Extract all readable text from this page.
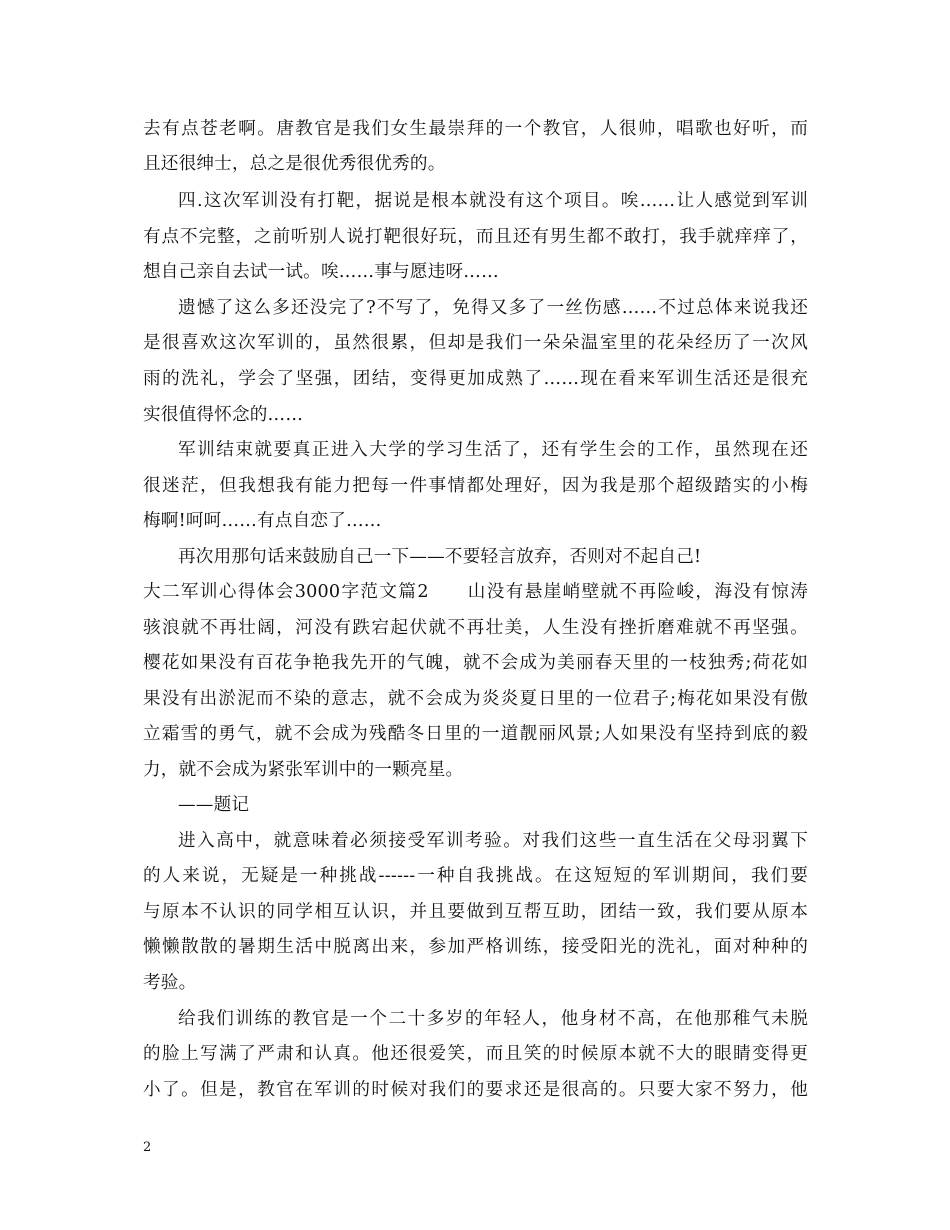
去有点苍老啊。唐教官是我们女生最崇拜的一个教官，人很帅，唱歌也好听，而
且还很绅士，总之是很优秀很优秀的。
四.这次军训没有打靶，据说是根本就没有这个项目。唉……让人感觉到军训
有点不完整，之前听别人说打靶很好玩，而且还有男生都不敢打，我手就痒痒了，
想自己亲自去试一试。唉……事与愿违呀……
遗憾了这么多还没完了?不写了，免得又多了一丝伤感……不过总体来说我还
是很喜欢这次军训的，虽然很累，但却是我们一朵朵温室里的花朵经历了一次风
雨的洗礼，学会了坚强，团结，变得更加成熟了……现在看来军训生活还是很充
实很值得怀念的……
军训结束就要真正进入大学的学习生活了，还有学生会的工作，虽然现在还
很迷茫，但我想我有能力把每一件事情都处理好，因为我是那个超级踏实的小梅
梅啊!呵呵……有点自恋了……
再次用那句话来鼓励自己一下——不要轻言放弃，否则对不起自己!
大二军训心得体会3000字范文篇2　　山没有悬崖峭壁就不再险峻，海没有惊涛
骇浪就不再壮阔，河没有跌宕起伏就不再壮美，人生没有挫折磨难就不再坚强。
樱花如果没有百花争艳我先开的气魄，就不会成为美丽春天里的一枝独秀;荷花如
果没有出淤泥而不染的意志，就不会成为炎炎夏日里的一位君子;梅花如果没有傲
立霜雪的勇气，就不会成为残酷冬日里的一道靓丽风景;人如果没有坚持到底的毅
力，就不会成为紧张军训中的一颗亮星。
——题记
进入高中，就意味着必须接受军训考验。对我们这些一直生活在父母羽翼下
的人来说，无疑是一种挑战------一种自我挑战。在这短短的军训期间，我们要
与原本不认识的同学相互认识，并且要做到互帮互助，团结一致，我们要从原本
懒懒散散的暑期生活中脱离出来，参加严格训练，接受阳光的洗礼，面对种种的
考验。
给我们训练的教官是一个二十多岁的年轻人，他身材不高，在他那稚气未脱
的脸上写满了严肃和认真。他还很爱笑，而且笑的时候原本就不大的眼睛变得更
小了。但是，教官在军训的时候对我们的要求还是很高的。只要大家不努力，他
2
